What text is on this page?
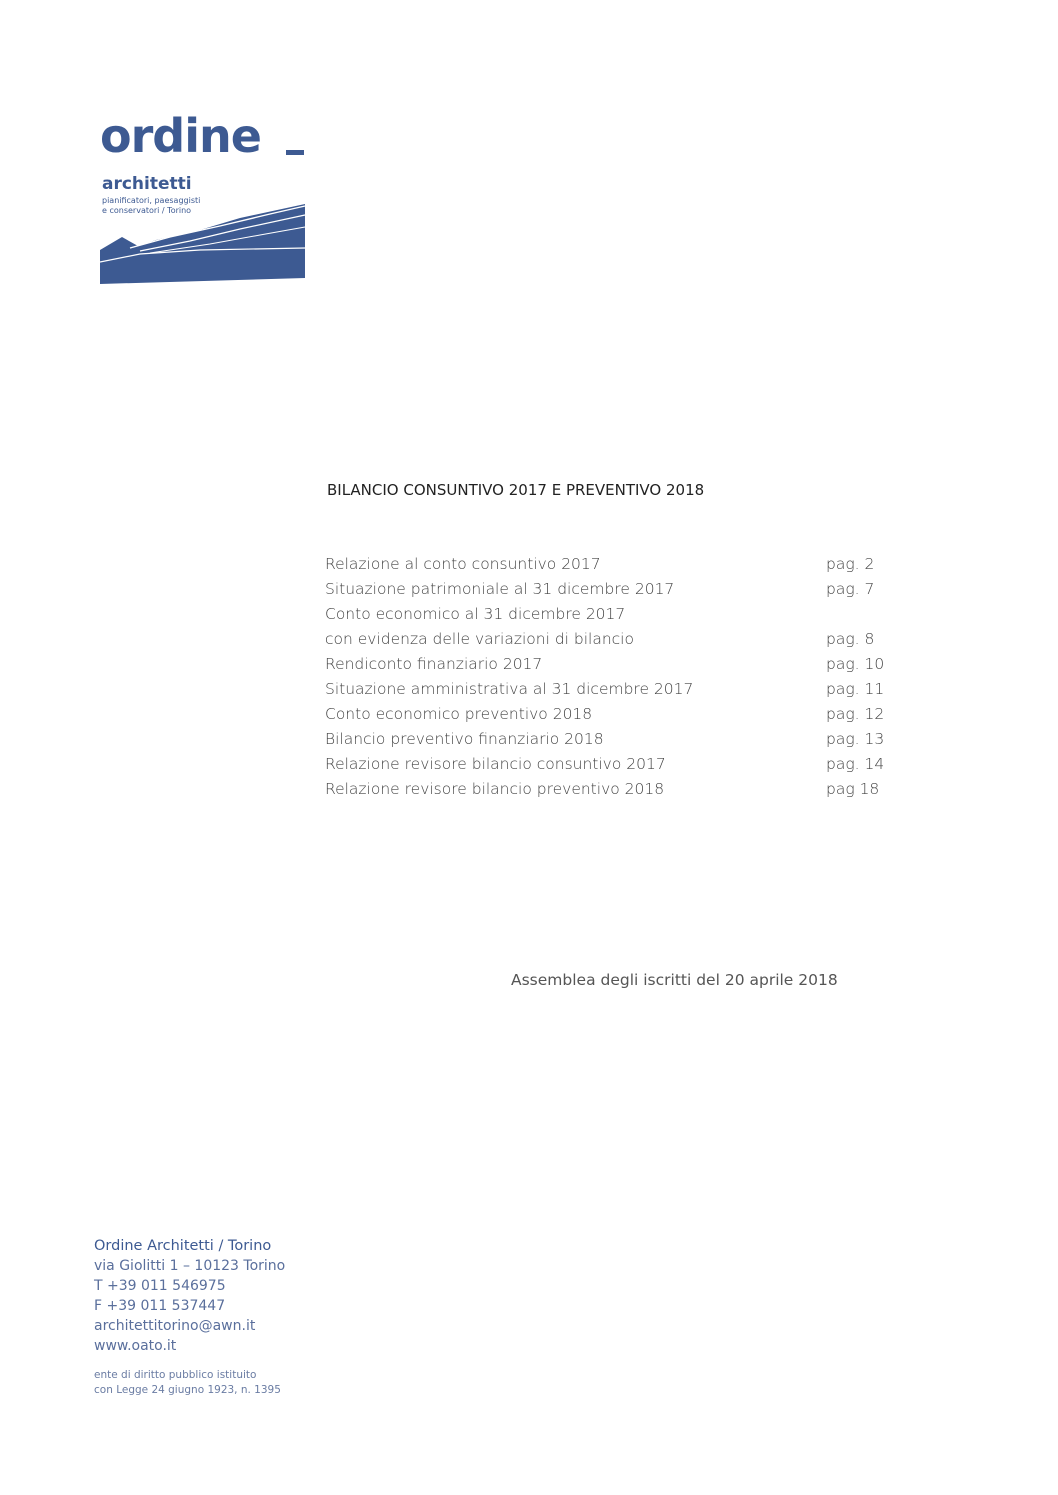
ordine
architetti
pianificatori, paesaggisti
e conservatori / Torino
BILANCIO CONSUNTIVO 2017 E PREVENTIVO 2018
Relazione al conto consuntivo 2017	pag. 2
Situazione patrimoniale al 31 dicembre 2017	pag. 7
Conto economico al 31 dicembre 2017
con evidenza delle variazioni di bilancio	pag. 8
Rendiconto finanziario 2017	pag. 10
Situazione amministrativa al 31 dicembre 2017	pag. 11
Conto economico preventivo 2018	pag. 12
Bilancio preventivo finanziario 2018	pag. 13
Relazione revisore bilancio consuntivo 2017	pag. 14
Relazione revisore bilancio preventivo 2018	pag 18
Assemblea degli iscritti del 20 aprile 2018
Ordine Architetti / Torino
via Giolitti 1 – 10123 Torino
T +39 011 546975
F +39 011 537447
architettitorino@awn.it
www.oato.it
ente di diritto pubblico istituito
con Legge 24 giugno 1923, n. 1395
